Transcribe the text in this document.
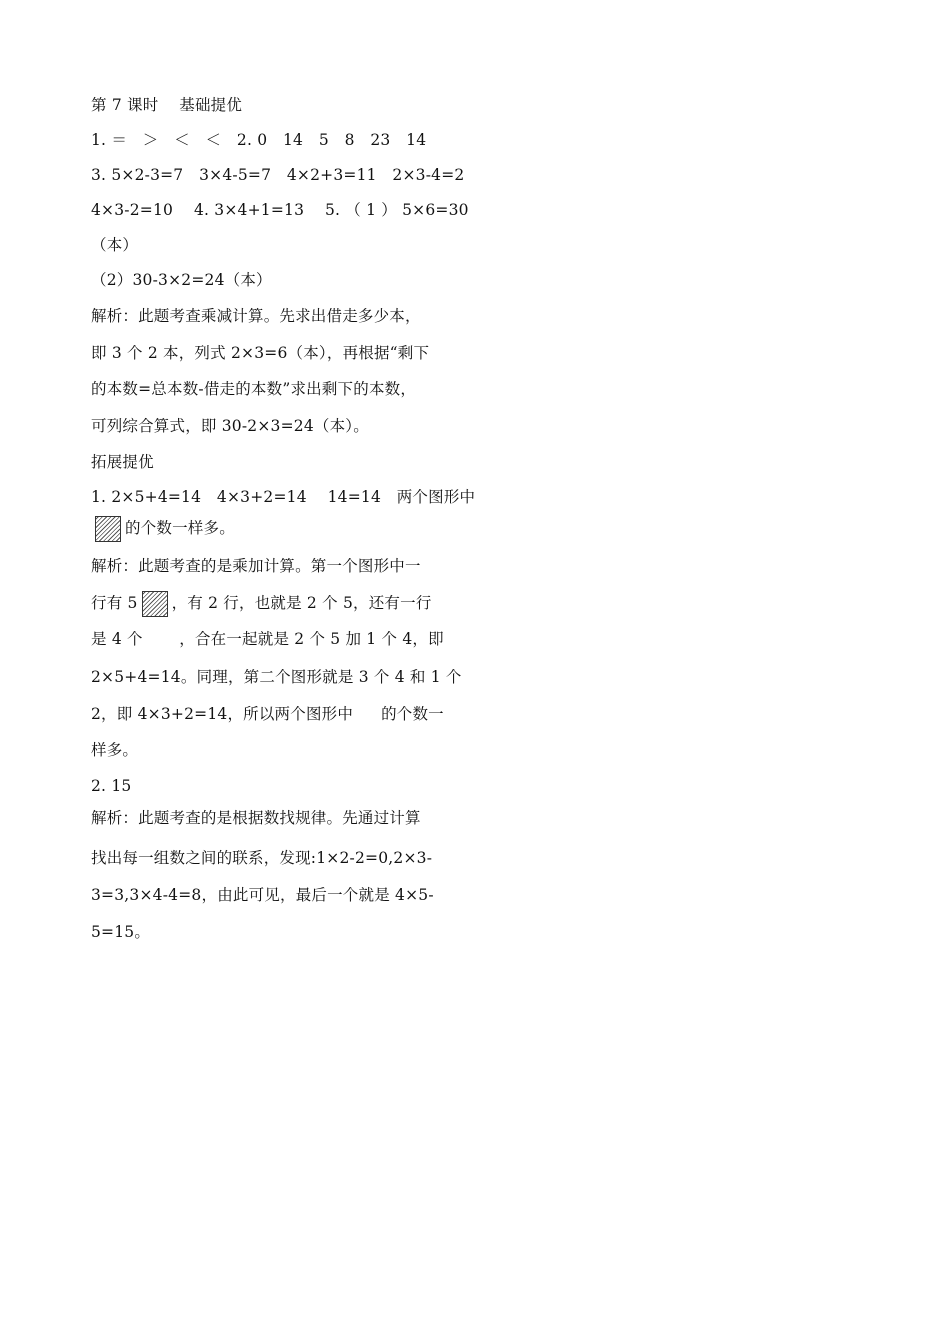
第 7 课时　 基础提优
1. ＝　＞　＜　＜　2. 0　14　5　8　23　14
3. 5×2-3=7　3×4-5=7　4×2+3=11　2×3-4=2
4×3-2=10　 4. 3×4+1=13　 5. （ 1 ） 5×6=30
（本）
（2）30-3×2=24（本）
解析：此题考查乘减计算。先求出借走多少本，
即 3 个 2 本，列式 2×3=6（本），再根据“剩下
的本数=总本数-借走的本数”求出剩下的本数，
可列综合算式，即 30-2×3=24（本）。
拓展提优
1. 2×5+4=14　4×3+2=14　 14=14　两个图形中
的个数一样多。
解析：此题考查的是乘加计算。第一个图形中一
行有 5 ，有 2 行，也就是 2 个 5，还有一行
是 4 个　　 ，合在一起就是 2 个 5 加 1 个 4，即
2×5+4=14。同理，第二个图形就是 3 个 4 和 1 个
2，即 4×3+2=14，所以两个图形中 的个数一
样多。
2. 15
解析：此题考查的是根据数找规律。先通过计算
找出每一组数之间的联系，发现:1×2-2=0,2×3-
3=3,3×4-4=8，由此可见，最后一个就是 4×5-
5=15。
